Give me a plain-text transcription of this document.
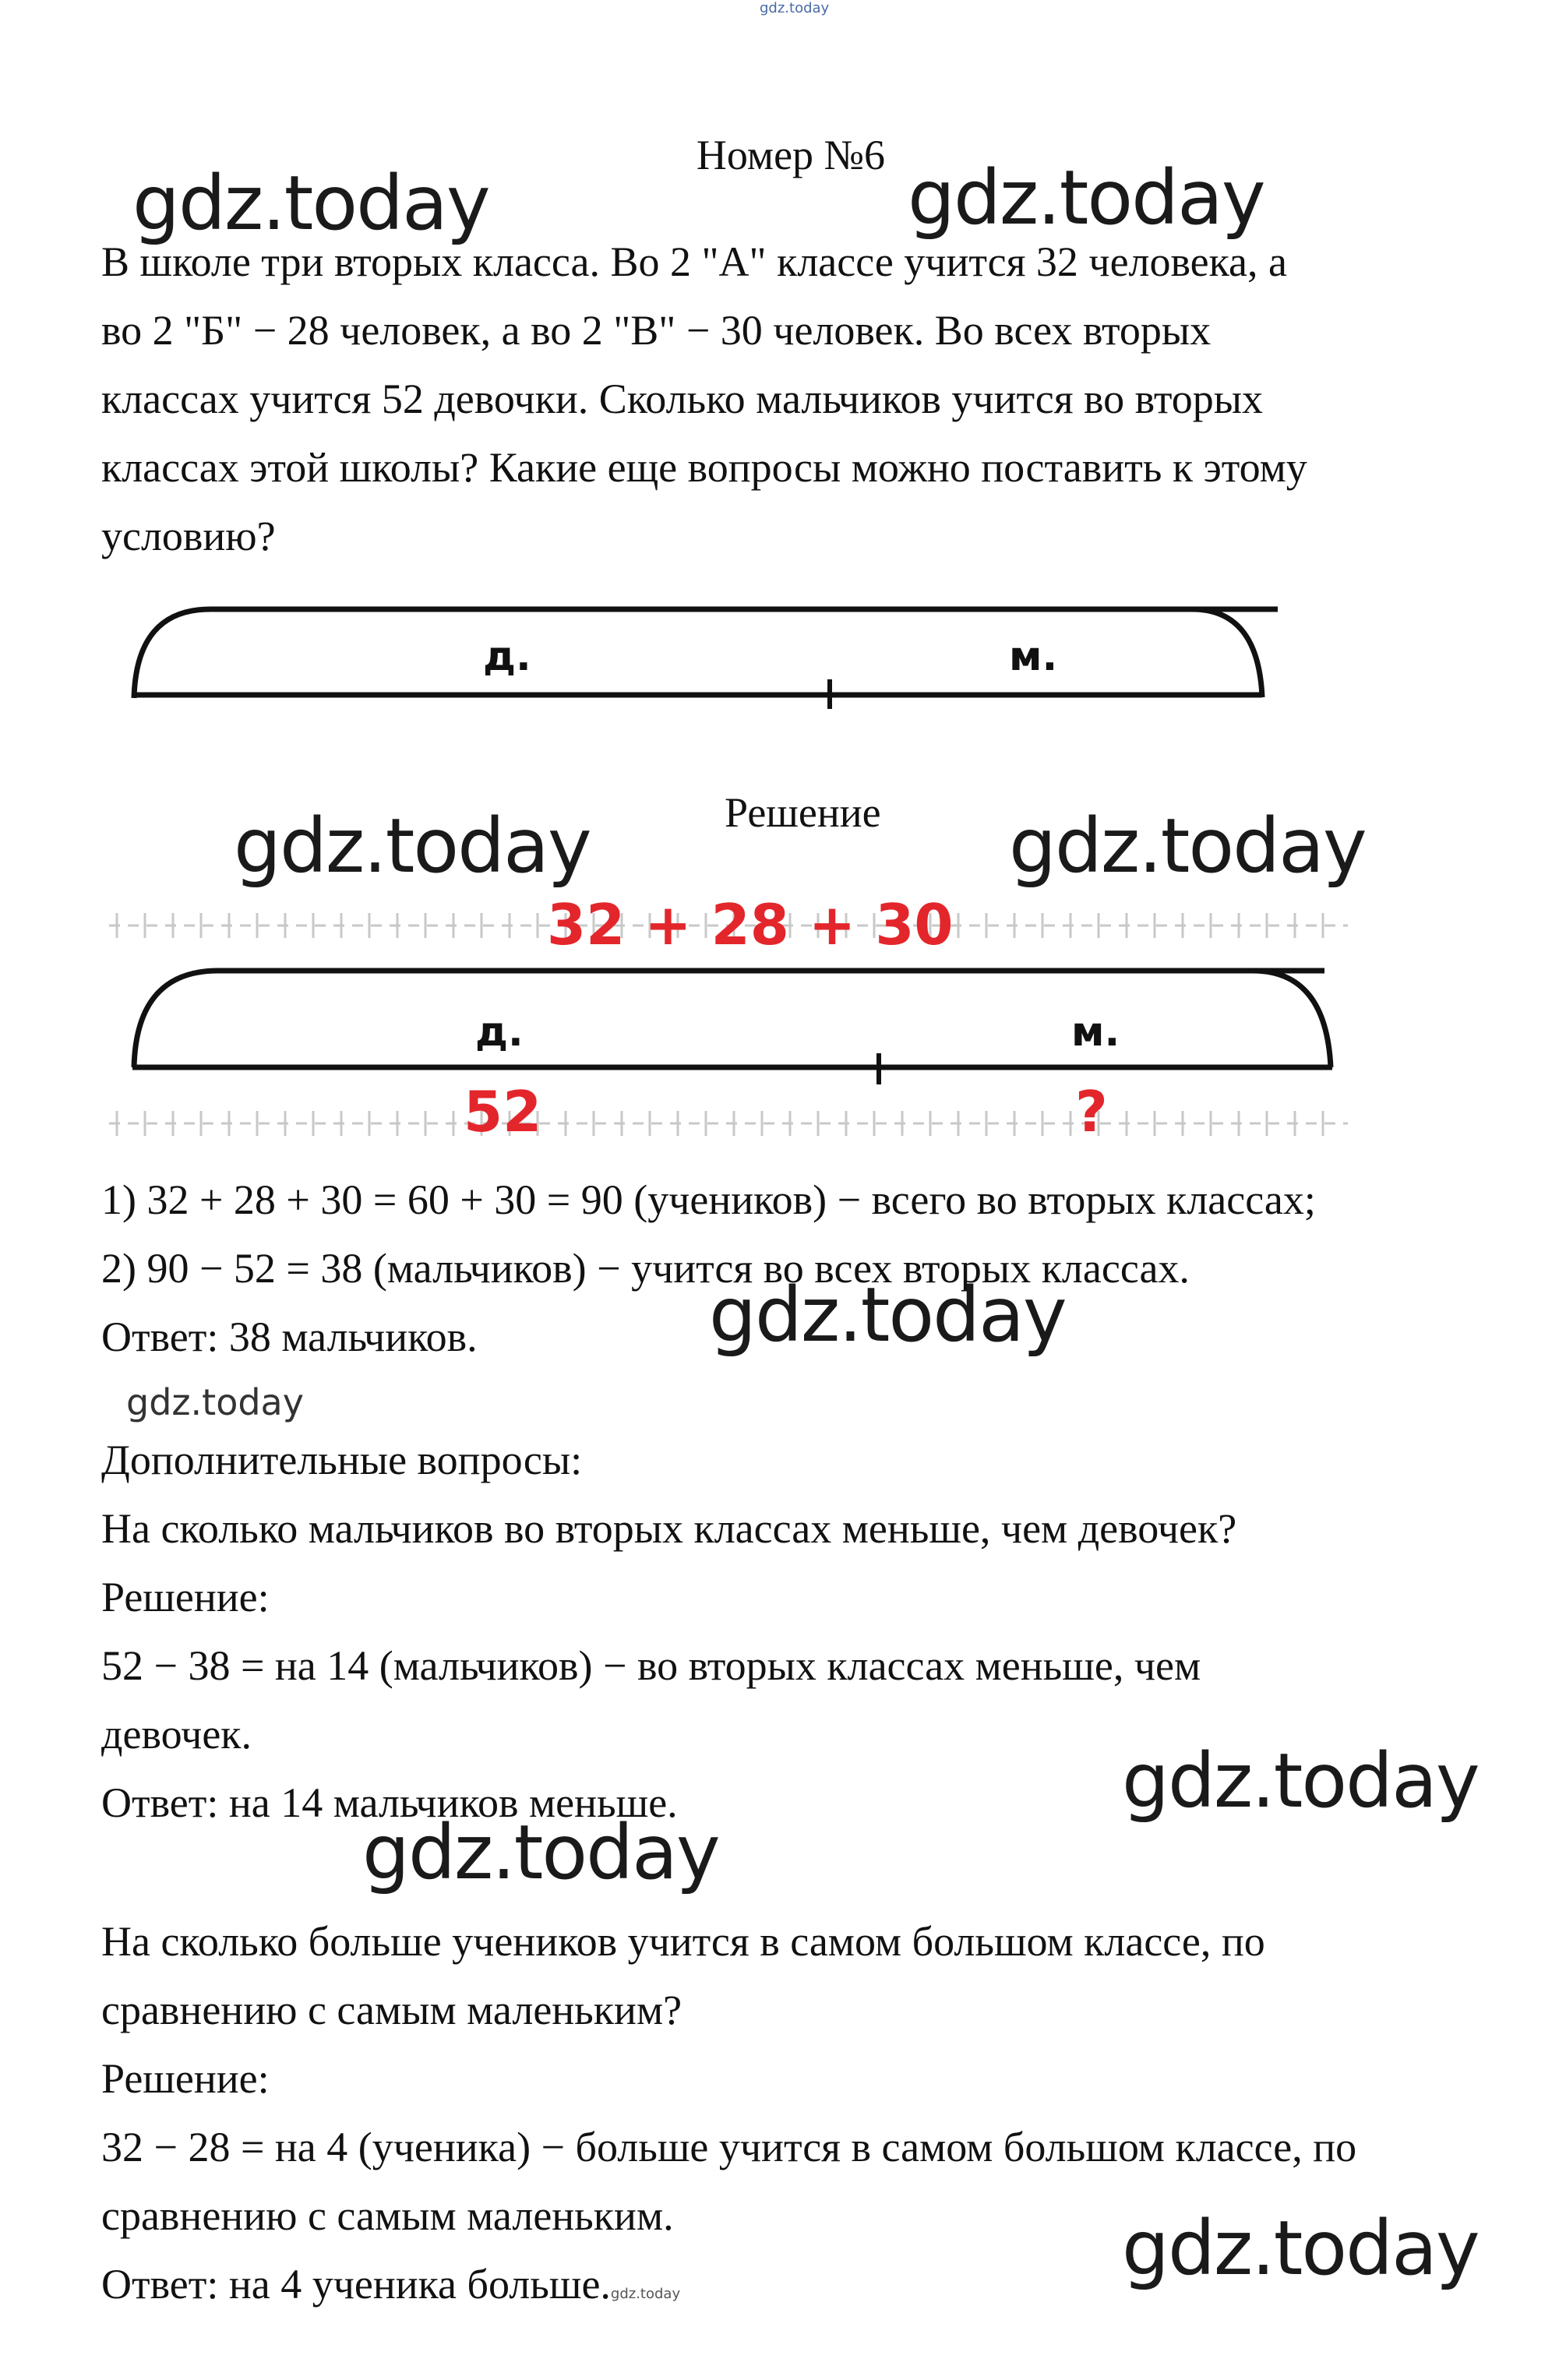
gdz.today
Номер №6
gdz.today	gdz.today
В школе три вторых класса. Во 2 "А" классе учится 32 человека, а
во 2 "Б" − 28 человек, а во 2 "В" − 30 человек. Во всех вторых
классах учится 52 девочки. Сколько мальчиков учится во вторых
классах этой школы? Какие еще вопросы можно поставить к этому
условию?
д.	м.
Решение
gdz.today	gdz.today
32 + 28 + 30
д.	м.
52	?
1) 32 + 28 + 30 = 60 + 30 = 90 (учеников) − всего во вторых классах;
2) 90 − 52 = 38 (мальчиков) − учится во всех вторых классах.
Ответ: 38 мальчиков.	gdz.today
gdz.today
Дополнительные вопросы:
На сколько мальчиков во вторых классах меньше, чем девочек?
Решение:
52 − 38 = на 14 (мальчиков) − во вторых классах меньше, чем
девочек.
Ответ: на 14 мальчиков меньше.	gdz.today
gdz.today
На сколько больше учеников учится в самом большом классе, по
сравнению с самым маленьким?
Решение:
32 − 28 = на 4 (ученика) − больше учится в самом большом классе, по
сравнению с самым маленьким.
Ответ: на 4 ученика больше.gdz.today
gdz.today
